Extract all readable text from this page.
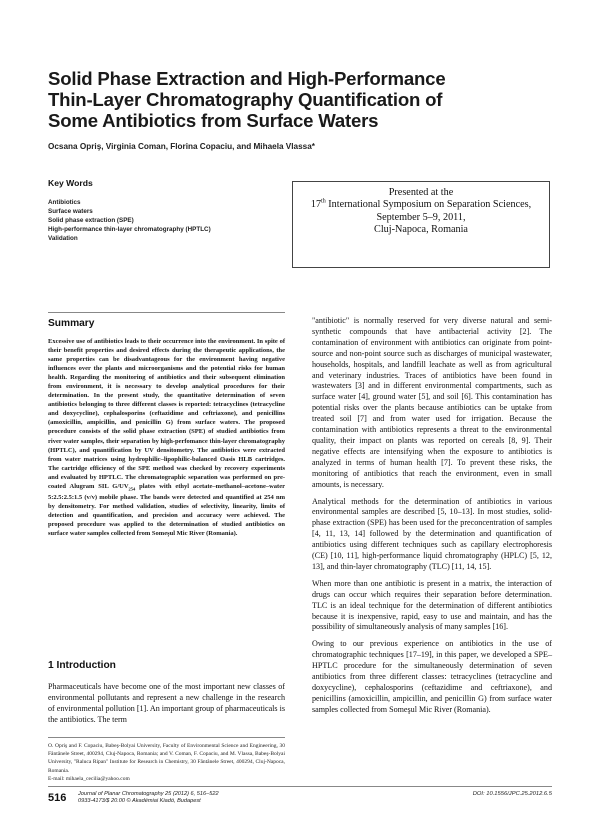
Solid Phase Extraction and High-Performance Thin-Layer Chromatography Quantification of Some Antibiotics from Surface Waters
Ocsana Opriş, Virginia Coman, Florina Copaciu, and Mihaela Vlassa*
Key Words
Antibiotics
Surface waters
Solid phase extraction (SPE)
High-performance thin-layer chromatography (HPTLC)
Validation
Presented at the
17th International Symposium on Separation Sciences,
September 5–9, 2011,
Cluj-Napoca, Romania
Summary

Excessive use of antibiotics leads to their occurrence into the environment. In spite of their benefit properties and desired effects during the therapeutic applications, the same properties can be disadvantageous for the environment having negative influences over the plants and microorganisms and the potential risks for human health. Regarding the monitoring of antibiotics and their subsequent elimination from environment, it is necessary to develop analytical procedures for their determination. In the present study, the quantitative determination of seven antibiotics belonging to three different classes is reported: tetracyclines (tetracycline and doxycycline), cephalosporins (ceftazidime and ceftriaxone), and penicillins (amoxicillin, ampicillin, and penicillin G) from surface waters. The proposed procedure consists of the solid phase extraction (SPE) of studied antibiotics from river water samples, their separation by high-perfomance thin-layer chromatography (HPTLC), and quantification by UV densitometry. The antibiotics were extracted from water matrices using hydrophilic–lipophilic-balanced Oasis HLB cartridges. The cartridge efficiency of the SPE method was checked by recovery experiments and evaluated by HPTLC. The chromatographic separation was performed on pre-coated Alugram SIL $G/UV_{254}$ plates with ethyl acetate–methanol–acetone–water 5:2.5:2.5:1.5 (v/v) mobile phase. The bands were detected and quantified at 254 nm by densitometry. For method validation, studies of selectivity, linearity, limits of detection and quantification, and precision and accuracy were achieved. The proposed procedure was applied to the determination of studied antibiotics on surface water samples collected from Someşul Mic River (Romania).

1 Introduction

Pharmaceuticals have become one of the most important new classes of environmental pollutants and represent a new challenge in the research of environmental pollution [1]. An important group of pharmaceuticals is the antibiotics. The term

O. Opriş and F. Copaciu, Babeş-Bolyai University, Faculty of Environmental Science and Engineering, 30 Fântânele Street, 400294, Cluj-Napoca, Romania; and V. Coman, F. Copaciu, and M. Vlassa, Babeş-Bolyai University, "Raluca Ripan" Institute for Research in Chemistry, 30 Fântânele Street, 400294, Cluj-Napoca, Romania.
E-mail: mihaela_cecilia@yahoo.com

"antibiotic" is normally reserved for very diverse natural and semi-synthetic compounds that have antibacterial activity [2]. The contamination of environment with antibiotics can originate from point-source and non-point source such as discharges of municipal wastewater, households, hospitals, and landfill leachate as well as from agricultural and veterinary industries. Traces of antibiotics have been found in wastewaters [3] and in different environmental compartments, such as surface water [4], ground water [5], and soil [6]. This contamination has potential risks over the plants because antibiotics can be uptake from treated soil [7] and from water used for irrigation. Because the contamination with antibiotics represents a threat to the environmental quality, their impact on plants was reported on cereals [8, 9]. Their negative effects are intensifying when the exposure to antibiotics is analyzed in terms of human health [7]. To prevent these risks, the monitoring of antibiotics that reach the environment, even in small amounts, is necessary.

Analytical methods for the determination of antibiotics in various environmental samples are described [5, 10–13]. In most studies, solid-phase extraction (SPE) has been used for the preconcentration of samples [4, 11, 13, 14] followed by the determination and quantification of antibiotics using different techniques such as capillary electrophoresis (CE) [10, 11], high-performance liquid chromatography (HPLC) [5, 12, 13], and thin-layer chromatography (TLC) [11, 14, 15].

When more than one antibiotic is present in a matrix, the interaction of drugs can occur which requires their separation before determination. TLC is an ideal technique for the determination of different antibiotics because it is inexpensive, rapid, easy to use and maintain, and has the possibility of simultaneously analysis of many samples [16].

Owing to our previous experience on antibiotics in the use of chromatographic techniques [17–19], in this paper, we developed a SPE–HPTLC procedure for the simultaneously determination of seven antibiotics from three different classes: tetracyclines (tetracycline and doxycycline), cephalosporins (ceftazidime and ceftriaxone), and penicillins (amoxicillin, ampicillin, and penicillin G) from surface water samples collected from Someşul Mic River (Romania).

516 Journal of Planar Chromatography 25 (2012) 6, 516–522
0933-4173/$ 20.00 © Akadémiai Kiadó, Budapest
DOI: 10.1556/JPC.25.2012.6.5
